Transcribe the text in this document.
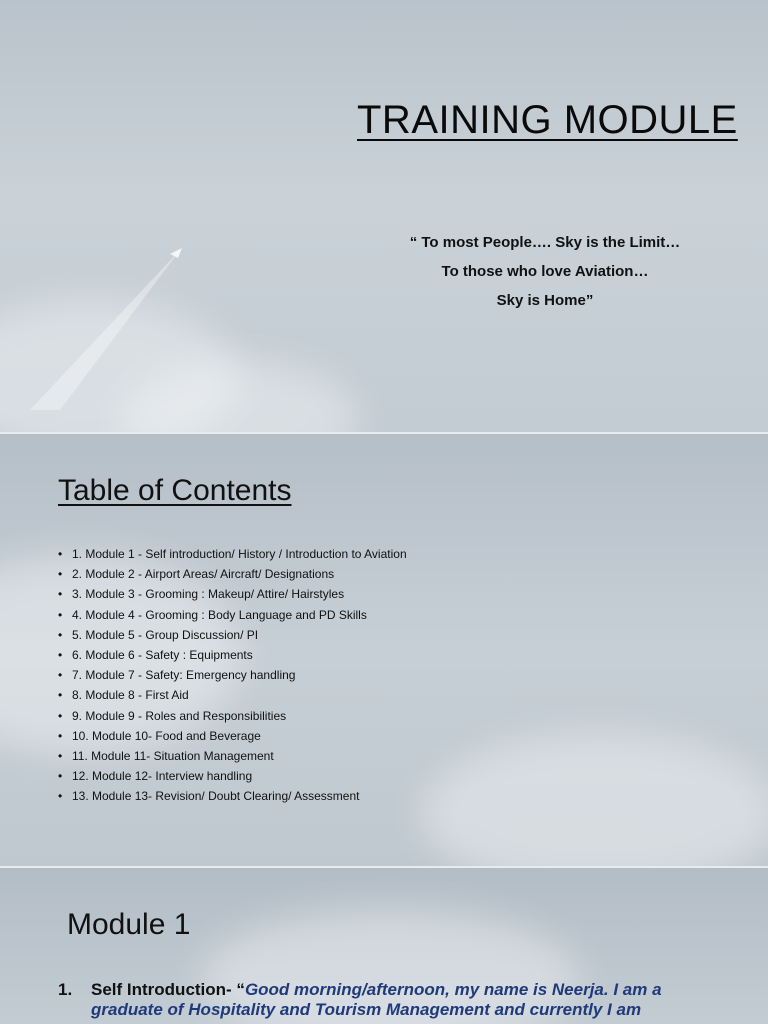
TRAINING MODULE
“ To most People…. Sky is the Limit…
To those who love Aviation…
Sky is Home”
Table of Contents
• 1. Module 1 - Self introduction/ History / Introduction to Aviation
• 2. Module 2 - Airport Areas/ Aircraft/ Designations
• 3. Module 3 - Grooming : Makeup/ Attire/ Hairstyles
• 4. Module 4 - Grooming : Body Language and PD Skills
• 5. Module 5 - Group Discussion/ PI
• 6. Module 6 - Safety : Equipments
• 7. Module 7 - Safety: Emergency handling
• 8. Module 8 - First Aid
• 9. Module 9 - Roles and Responsibilities
• 10. Module 10- Food and Beverage
• 11. Module 11- Situation Management
• 12. Module 12- Interview handling
• 13. Module 13- Revision/ Doubt Clearing/ Assessment
Module 1
1. Self Introduction- “Good morning/afternoon, my name is Neerja. I am a graduate of Hospitality and Tourism Management and currently I am
